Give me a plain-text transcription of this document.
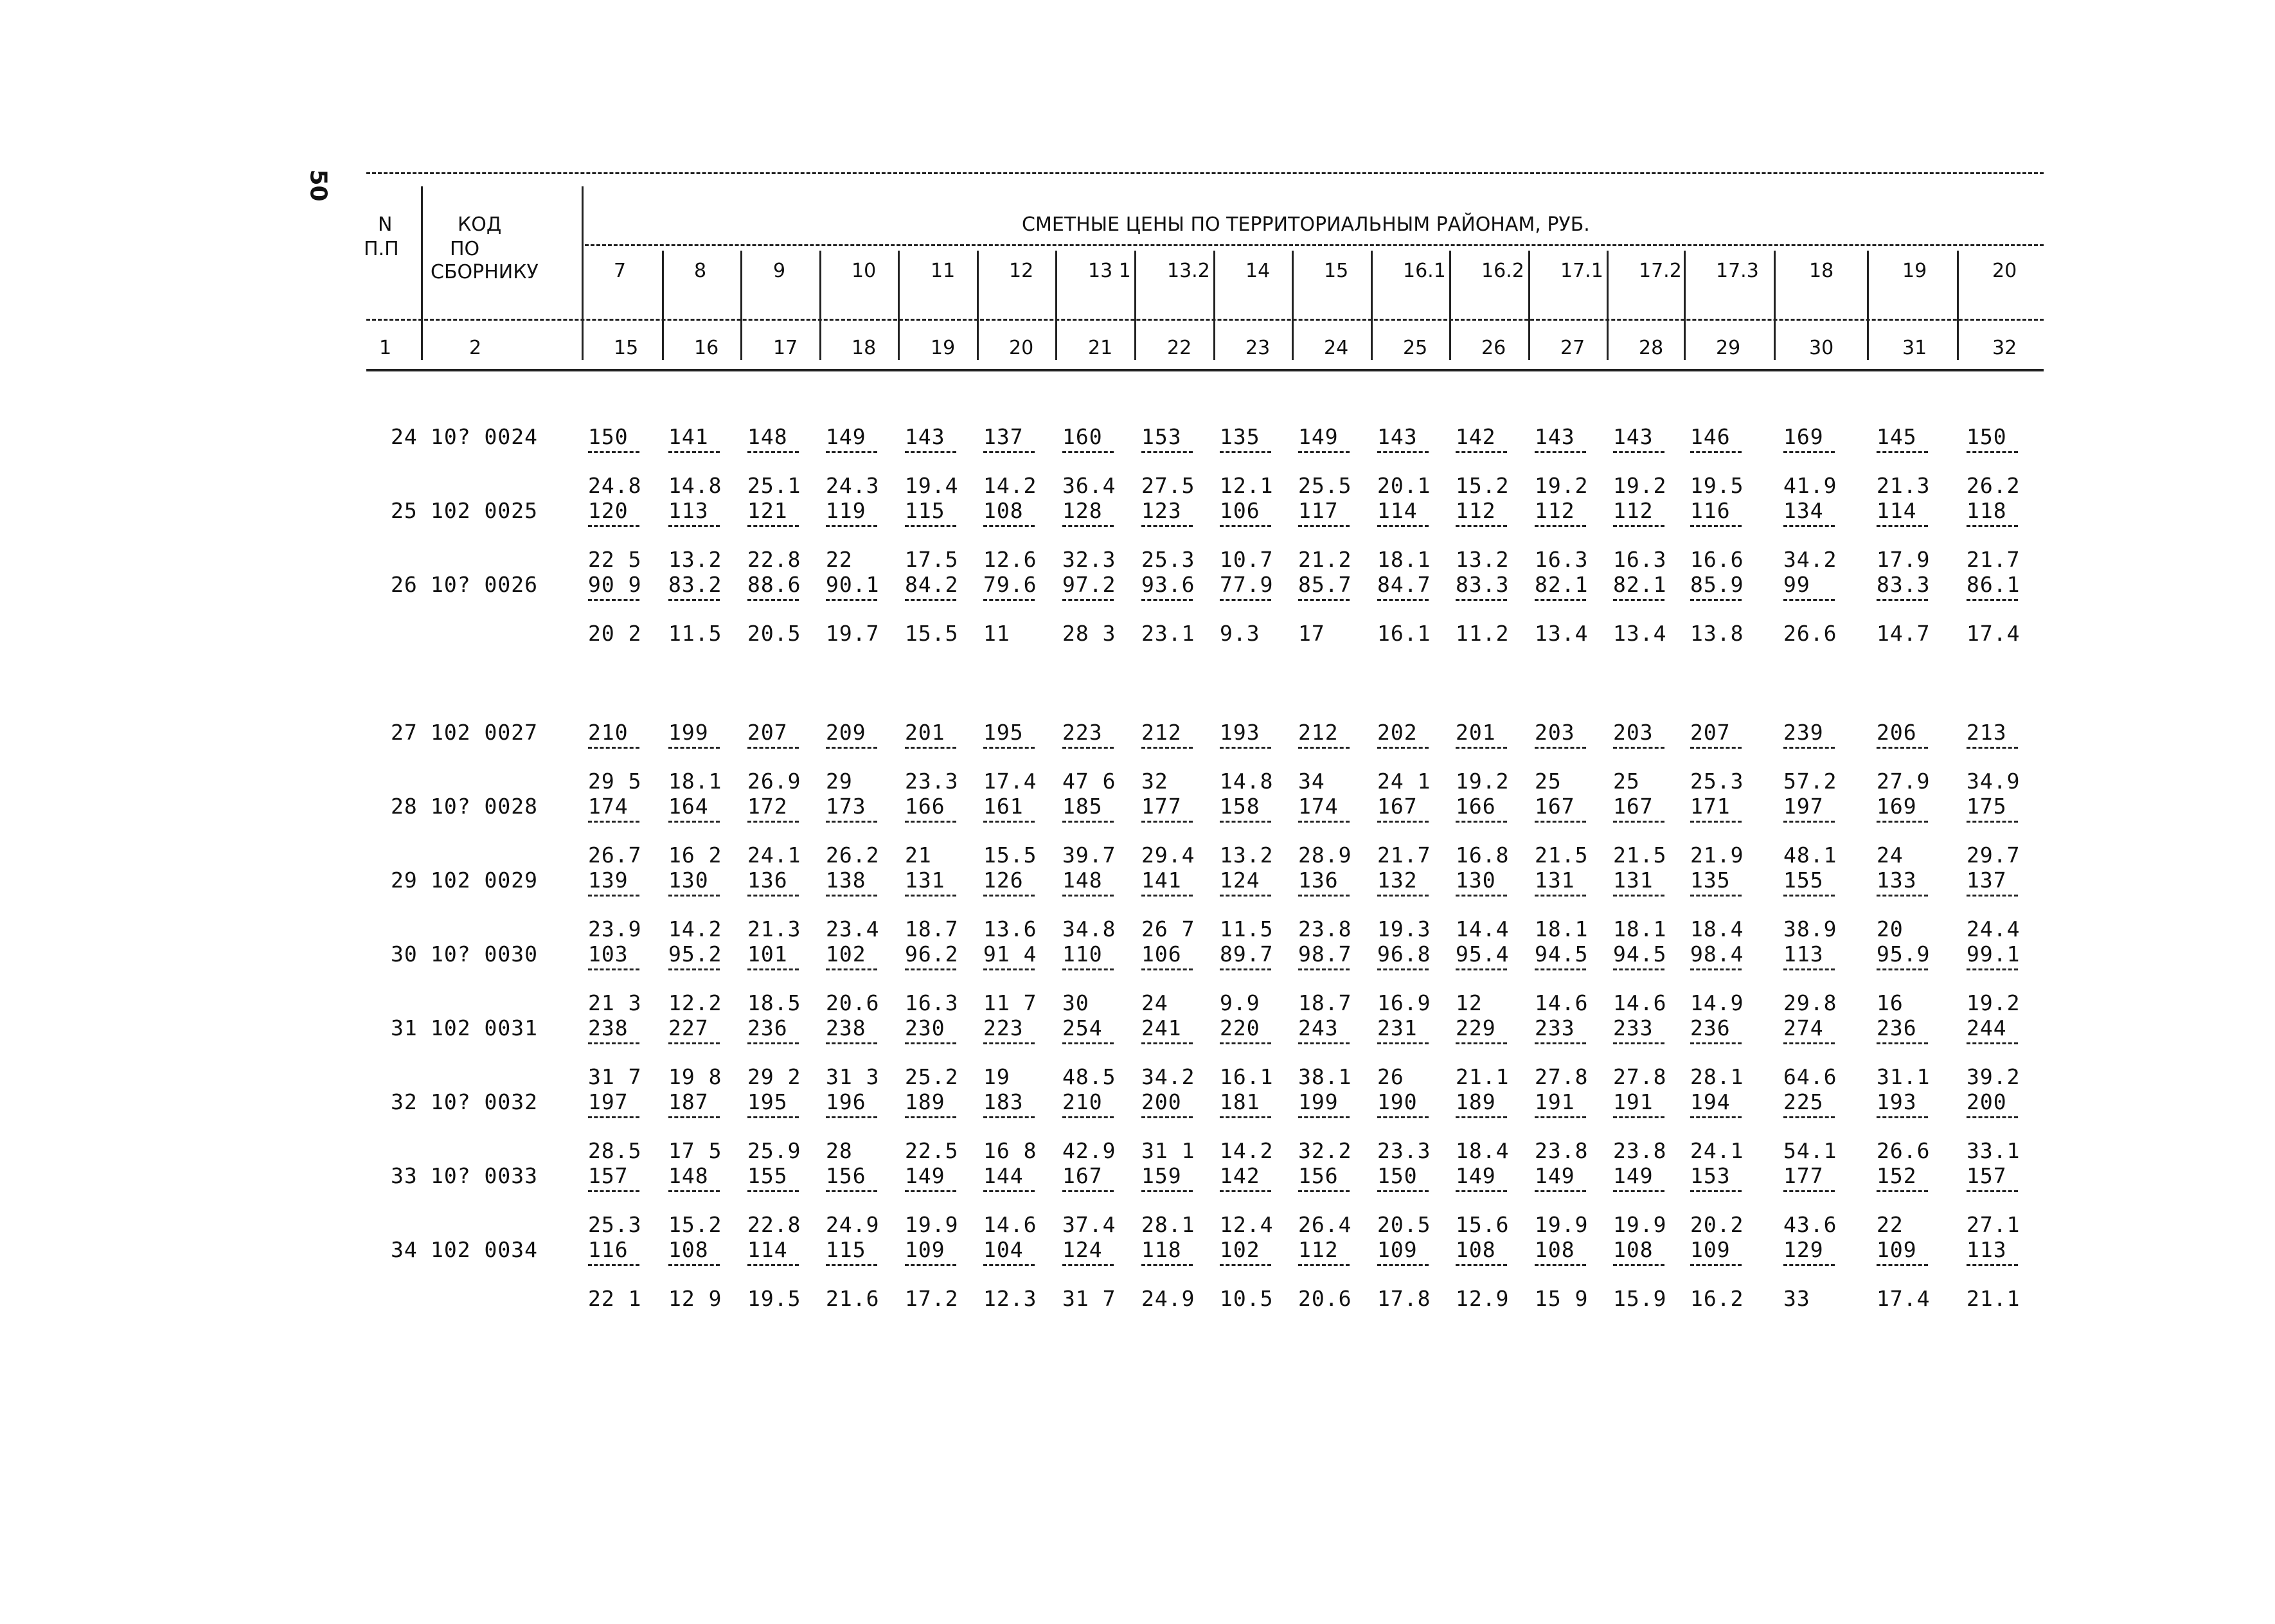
50
N
П.П
КОД
ПО
СБОРНИКУ
СМЕТНЫЕ ЦЕНЫ ПО ТЕРРИТОРИАЛЬНЫМ РАЙОНАМ, РУБ.
1	2
7
15
8
16
9
17
10
18
11
19
12
20
13 1
21
13.2
22
14
23
15
24
16.1
25
16.2
26
17.1
27
17.2
28
17.3
29
18
30
19
31
20
32
24 10? 0024 150
24.8
141
14.8
148
25.1
149
24.3
143
19.4
137
14.2
160
36.4
153
27.5
135
12.1
149
25.5
143
20.1
142
15.2
143
19.2
143
19.2
146
19.5
169
41.9
145
21.3
150
26.2
25 102 0025 120
22 5
113
13.2
121
22.8
119
22
115
17.5
108
12.6
128
32.3
123
25.3
106
10.7
117
21.2
114
18.1
112
13.2
112
16.3
112
16.3
116
16.6
134
34.2
114
17.9
118
21.7
26 10? 0026 90 9
20 2
83.2
11.5
88.6
20.5
90.1
19.7
84.2
15.5
79.6
11
97.2
28 3
93.6
23.1
77.9
9.3
85.7
17
84.7
16.1
83.3
11.2
82.1
13.4
82.1
13.4
85.9
13.8
99
26.6
83.3
14.7
86.1
17.4
27 102 0027 210
29 5
199
18.1
207
26.9
209
29
201
23.3
195
17.4
223
47 6
212
32
193
14.8
212
34
202
24 1
201
19.2
203
25
203
25
207
25.3
239
57.2
206
27.9
213
34.9
28 10? 0028 174
26.7
164
16 2
172
24.1
173
26.2
166
21
161
15.5
185
39.7
177
29.4
158
13.2
174
28.9
167
21.7
166
16.8
167
21.5
167
21.5
171
21.9
197
48.1
169
24
175
29.7
29 102 0029 139
23.9
130
14.2
136
21.3
138
23.4
131
18.7
126
13.6
148
34.8
141
26 7
124
11.5
136
23.8
132
19.3
130
14.4
131
18.1
131
18.1
135
18.4
155
38.9
133
20
137
24.4
30 10? 0030 103
21 3
95.2
12.2
101
18.5
102
20.6
96.2
16.3
91 4
11 7
110
30
106
24
89.7
9.9
98.7
18.7
96.8
16.9
95.4
12
94.5
14.6
94.5
14.6
98.4
14.9
113
29.8
95.9
16
99.1
19.2
31 102 0031 238
31 7
227
19 8
236
29 2
238
31 3
230
25.2
223
19
254
48.5
241
34.2
220
16.1
243
38.1
231
26
229
21.1
233
27.8
233
27.8
236
28.1
274
64.6
236
31.1
244
39.2
32 10? 0032 197
28.5
187
17 5
195
25.9
196
28
189
22.5
183
16 8
210
42.9
200
31 1
181
14.2
199
32.2
190
23.3
189
18.4
191
23.8
191
23.8
194
24.1
225
54.1
193
26.6
200
33.1
33 10? 0033 157
25.3
148
15.2
155
22.8
156
24.9
149
19.9
144
14.6
167
37.4
159
28.1
142
12.4
156
26.4
150
20.5
149
15.6
149
19.9
149
19.9
153
20.2
177
43.6
152
22
157
27.1
34 102 0034 116
22 1
108
12 9
114
19.5
115
21.6
109
17.2
104
12.3
124
31 7
118
24.9
102
10.5
112
20.6
109
17.8
108
12.9
108
15 9
108
15.9
109
16.2
129
33
109
17.4
113
21.1
